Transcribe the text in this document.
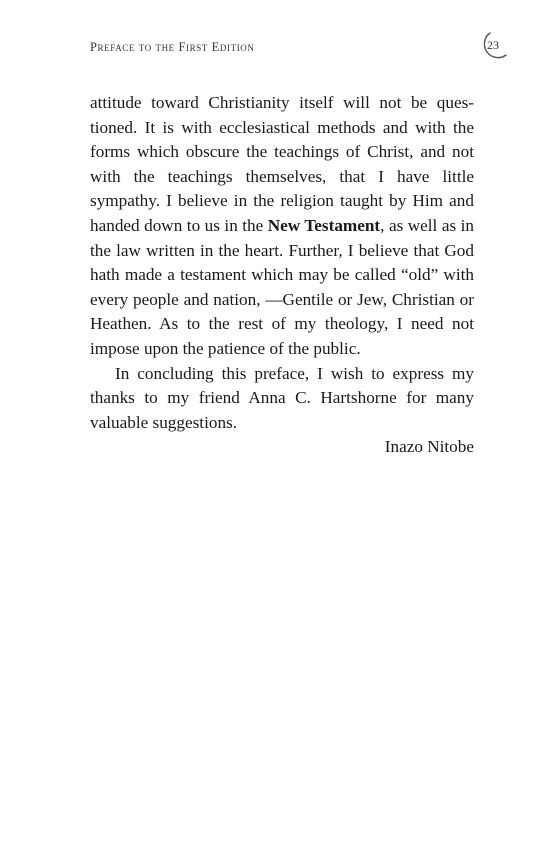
Preface to the First Edition	23

attitude toward Christianity itself will not be questioned. It is with ecclesiastical methods and with the forms which obscure the teachings of Christ, and not with the teachings themselves, that I have little sympathy. I believe in the religion taught by Him and handed down to us in the New Testament, as well as in the law written in the heart. Further, I believe that God hath made a testament which may be called “old” with every people and nation, —Gentile or Jew, Christian or Heathen. As to the rest of my theology, I need not impose upon the patience of the public.

In concluding this preface, I wish to express my thanks to my friend Anna C. Hartshorne for many valuable suggestions.

Inazo Nitobe
